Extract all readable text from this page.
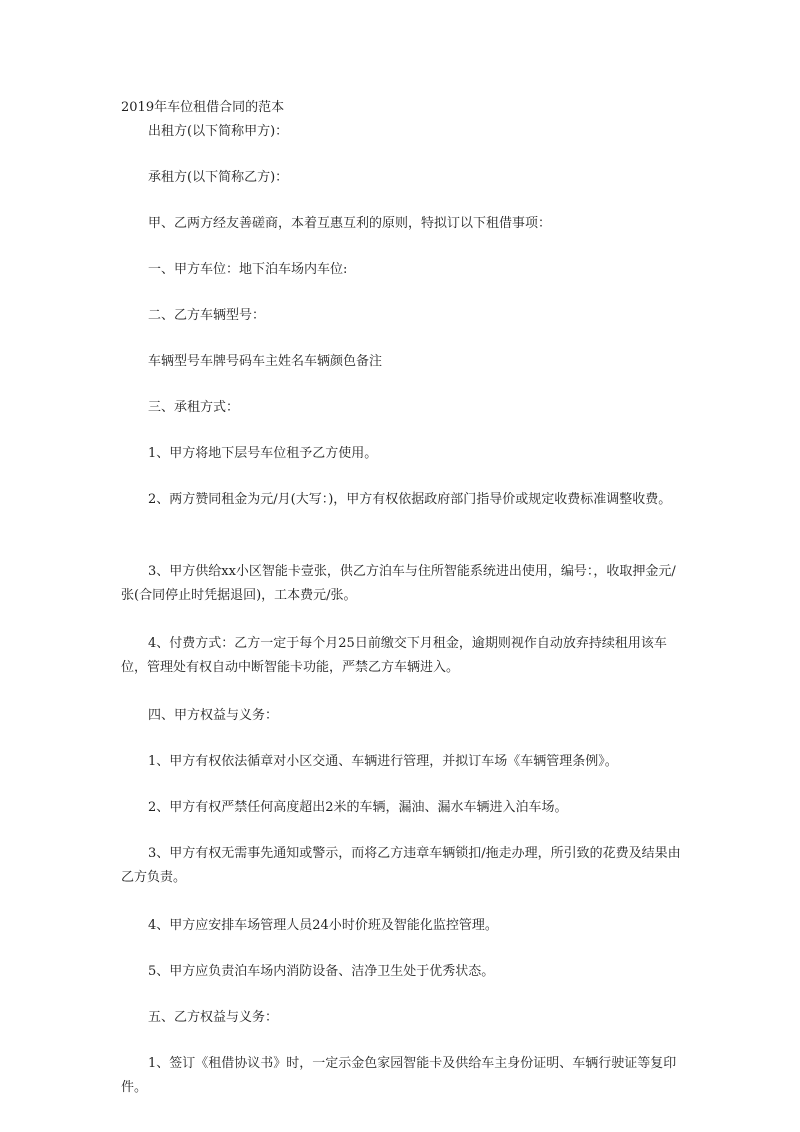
2019年车位租借合同的范本
出租方(以下简称甲方)：
承租方(以下简称乙方)：
甲、乙两方经友善磋商，本着互惠互利的原则，特拟订以下租借事项：
一、甲方车位：地下泊车场内车位:
二、乙方车辆型号：
车辆型号车牌号码车主姓名车辆颜色备注
三、承租方式：
1、甲方将地下层号车位租予乙方使用。
2、两方赞同租金为元/月(大写：)，甲方有权依据政府部门指导价或规定收费标准调整收费。
3、甲方供给xx小区智能卡壹张，供乙方泊车与住所智能系统进出使用，编号：，收取押金元/张(合同停止时凭据退回)，工本费元/张。
4、付费方式：乙方一定于每个月25日前缴交下月租金，逾期则视作自动放弃持续租用该车位，管理处有权自动中断智能卡功能，严禁乙方车辆进入。
四、甲方权益与义务：
1、甲方有权依法循章对小区交通、车辆进行管理，并拟订车场《车辆管理条例》。
2、甲方有权严禁任何高度超出2米的车辆，漏油、漏水车辆进入泊车场。
3、甲方有权无需事先通知或警示，而将乙方违章车辆锁扣/拖走办理，所引致的花费及结果由乙方负责。
4、甲方应安排车场管理人员24小时价班及智能化监控管理。
5、甲方应负责泊车场内消防设备、洁净卫生处于优秀状态。
五、乙方权益与义务：
1、签订《租借协议书》时，一定示金色家园智能卡及供给车主身份证明、车辆行驶证等复印件。
